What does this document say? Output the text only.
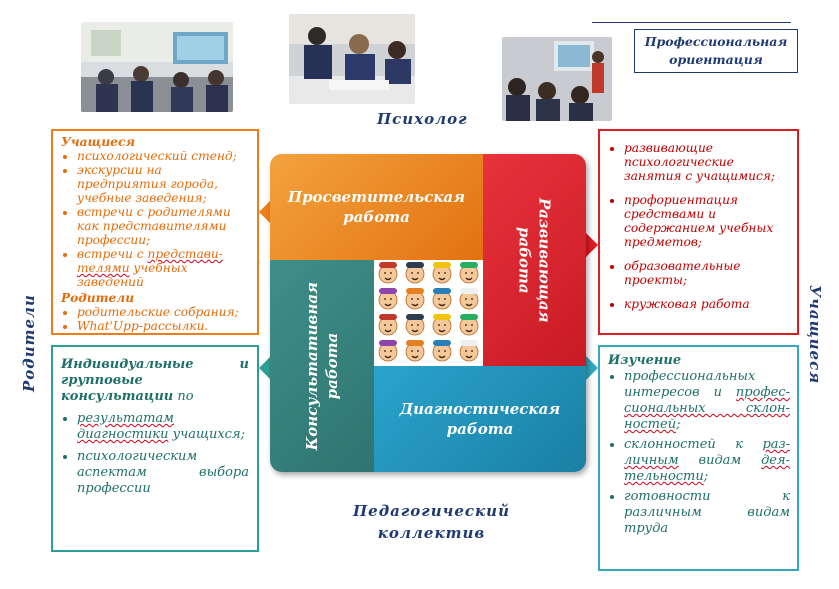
Профессиональная
ориентация
Психолог
Педагогический
коллектив
Родители	Учащиеся
Учащиеся
• психологический стенд;
• экскурсии на предприятия города, учебные заведения;
• встречи с родителями как представителями профессии;
• встречи с представи-телями учебных заведений
Родители
• родительские собрания;
• What'Upp-рассылки.
Индивидуальные и групповые консультации по
• результатам диагностики учащихся;
• психологическим аспектам выбора профессии
• развивающие психологические занятия с учащимися;
• профориентация средствами и содержанием учебных предметов;
• образовательные проекты;
• кружковая работа
Изучение
• профессиональных интересов и профес-сиональных склон-ностей;
• склонностей к раз-личным видам дея-тельности;
• готовности к различным видам труда
Просветительская
работа	Развивающая
работа
Консультативная работа
Диагностическая
работа
